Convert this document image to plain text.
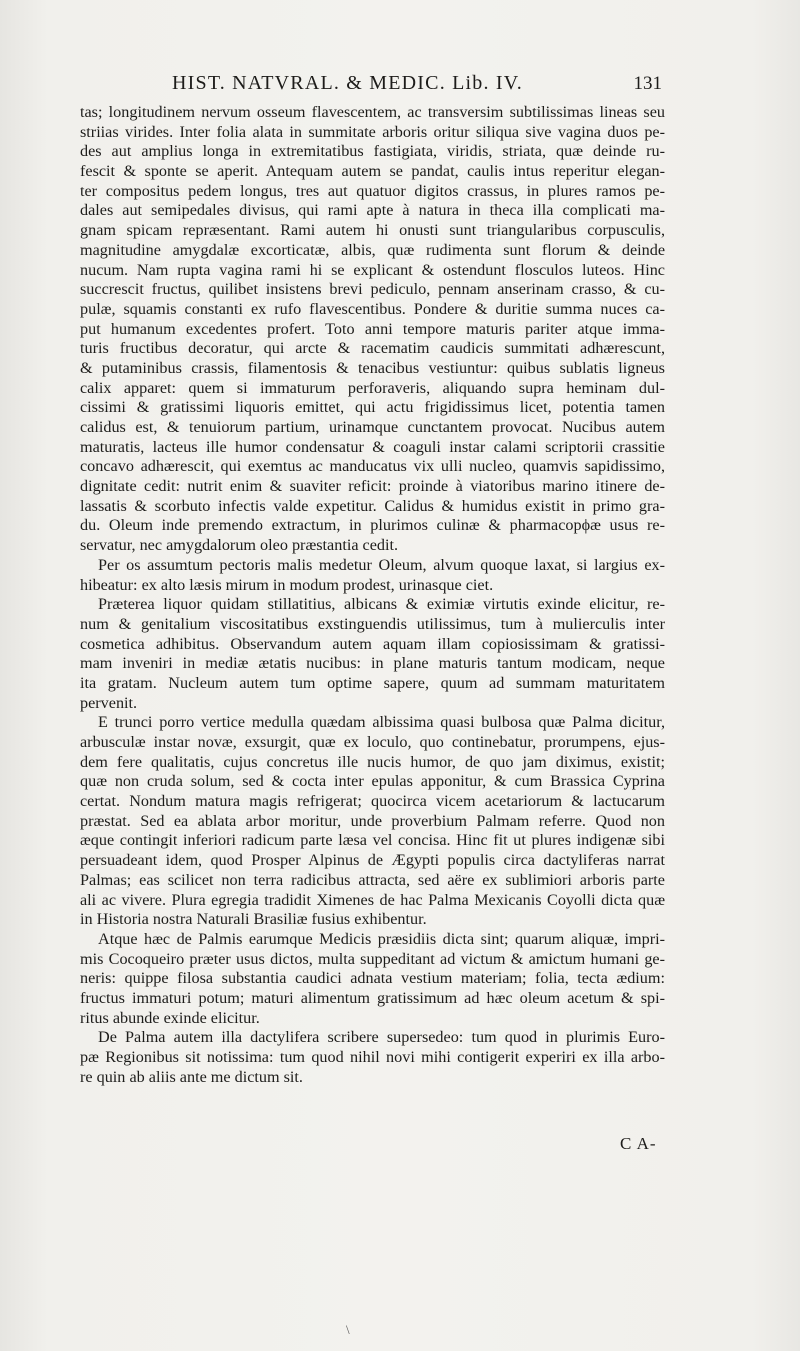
HIST. NATVRAL. & MEDIC. Lib. IV.	131
tas; longitudinem nervum osseum flavescentem, ac transversim subtilissimas lineas seu
striias virides. Inter folia alata in summitate arboris oritur siliqua sive vagina duos pe-
des aut amplius longa in extremitatibus fastigiata, viridis, striata, quæ deinde ru-
fescit & sponte se aperit. Antequam autem se pandat, caulis intus reperitur elegan-
ter compositus pedem longus, tres aut quatuor digitos crassus, in plures ramos pe-
dales aut semipedales divisus, qui rami apte à natura in theca illa complicati ma-
gnam spicam repræsentant. Rami autem hi onusti sunt triangularibus corpusculis,
magnitudine amygdalæ excorticatæ, albis, quæ rudimenta sunt florum & deinde
nucum. Nam rupta vagina rami hi se explicant & ostendunt flosculos luteos. Hinc
succrescit fructus, quilibet insistens brevi pediculo, pennam anserinam crasso, & cu-
pulæ, squamis constanti ex rufo flavescentibus. Pondere & duritie summa nuces ca-
put humanum excedentes profert. Toto anni tempore maturis pariter atque imma-
turis fructibus decoratur, qui arcte & racematim caudicis summitati adhærescunt,
& putaminibus crassis, filamentosis & tenacibus vestiuntur: quibus sublatis ligneus
calix apparet: quem si immaturum perforaveris, aliquando supra heminam dul-
cissimi & gratissimi liquoris emittet, qui actu frigidissimus licet, potentia tamen
calidus est, & tenuiorum partium, urinamque cunctantem provocat. Nucibus autem
maturatis, lacteus ille humor condensatur & coaguli instar calami scriptorii crassitie
concavo adhærescit, qui exemtus ac manducatus vix ulli nucleo, quamvis sapidissimo,
dignitate cedit: nutrit enim & suaviter reficit: proinde à viatoribus marino itinere de-
lassatis & scorbuto infectis valde expetitur. Calidus & humidus existit in primo gra-
du. Oleum inde premendo extractum, in plurimos culinæ & pharmacopϕæ usus re-
servatur, nec amygdalorum oleo præstantia cedit.
Per os assumtum pectoris malis medetur Oleum, alvum quoque laxat, si largius ex-
hibeatur: ex alto læsis mirum in modum prodest, urinasque ciet.
Præterea liquor quidam stillatitius, albicans & eximiæ virtutis exinde elicitur, re-
num & genitalium viscositatibus exstinguendis utilissimus, tum à mulierculis inter
cosmetica adhibitus. Observandum autem aquam illam copiosissimam & gratissi-
mam inveniri in mediæ ætatis nucibus: in plane maturis tantum modicam, neque
ita gratam. Nucleum autem tum optime sapere, quum ad summam maturitatem
pervenit.
E trunci porro vertice medulla quædam albissima quasi bulbosa quæ Palma dicitur,
arbusculæ instar novæ, exsurgit, quæ ex loculo, quo continebatur, prorumpens, ejus-
dem fere qualitatis, cujus concretus ille nucis humor, de quo jam diximus, existit;
quæ non cruda solum, sed & cocta inter epulas apponitur, & cum Brassica Cyprina
certat. Nondum matura magis refrigerat; quocirca vicem acetariorum & lactucarum
præstat. Sed ea ablata arbor moritur, unde proverbium Palmam referre. Quod non
æque contingit inferiori radicum parte læsa vel concisa. Hinc fit ut plures indigenæ sibi
persuadeant idem, quod Prosper Alpinus de Ægypti populis circa dactyliferas narrat
Palmas; eas scilicet non terra radicibus attracta, sed aëre ex sublimiori arboris parte
ali ac vivere. Plura egregia tradidit Ximenes de hac Palma Mexicanis Coyolli dicta quæ
in Historia nostra Naturali Brasiliæ fusius exhibentur.
Atque hæc de Palmis earumque Medicis præsidiis dicta sint; quarum aliquæ, impri-
mis Cocoqueiro præter usus dictos, multa suppeditant ad victum & amictum humani ge-
neris: quippe filosa substantia caudici adnata vestium materiam; folia, tecta ædium:
fructus immaturi potum; maturi alimentum gratissimum ad hæc oleum acetum & spi-
ritus abunde exinde elicitur.
De Palma autem illa dactylifera scribere supersedeo: tum quod in plurimis Euro-
pæ Regionibus sit notissima: tum quod nihil novi mihi contigerit experiri ex illa arbo-
re quin ab aliis ante me dictum sit.
C A-
\
